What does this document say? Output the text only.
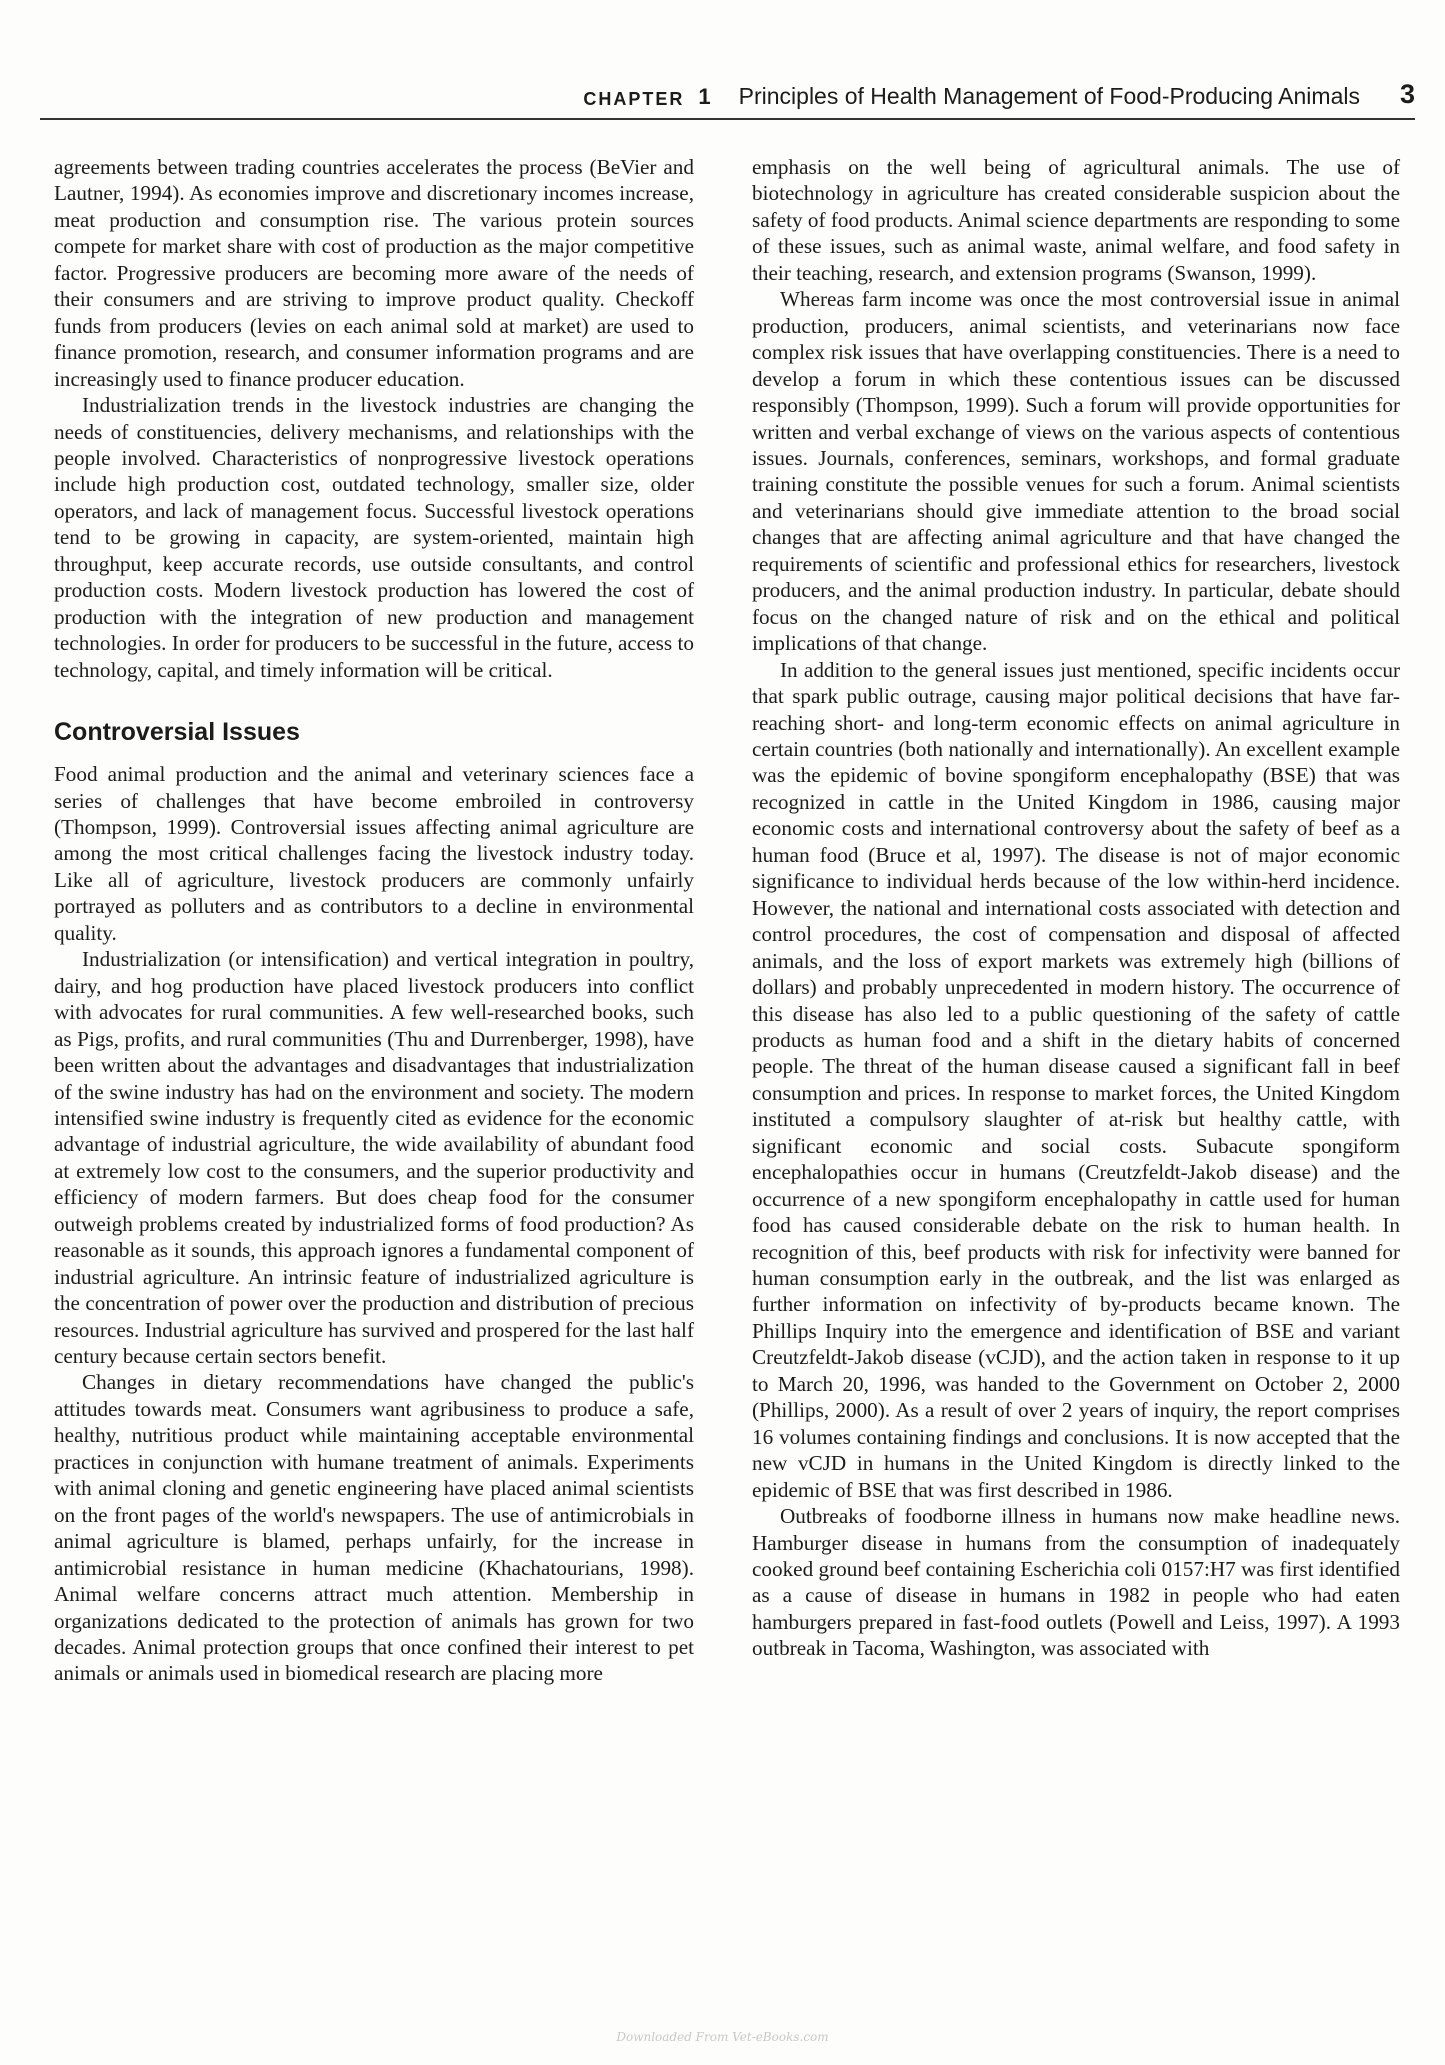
CHAPTER 1 Principles of Health Management of Food-Producing Animals 3

agreements between trading countries accelerates the process (BeVier and Lautner, 1994). As economies improve and discretionary incomes increase, meat production and consumption rise. The various protein sources compete for market share with cost of production as the major competitive factor. Progressive producers are becoming more aware of the needs of their consumers and are striving to improve product quality. Checkoff funds from producers (levies on each animal sold at market) are used to finance promotion, research, and consumer information programs and are increasingly used to finance producer education.

Industrialization trends in the livestock industries are changing the needs of constituencies, delivery mechanisms, and relationships with the people involved. Characteristics of nonprogressive livestock operations include high production cost, outdated technology, smaller size, older operators, and lack of management focus. Successful livestock operations tend to be growing in capacity, are system-oriented, maintain high throughput, keep accurate records, use outside consultants, and control production costs. Modern livestock production has lowered the cost of production with the integration of new production and management technologies. In order for producers to be successful in the future, access to technology, capital, and timely information will be critical.

Controversial Issues

Food animal production and the animal and veterinary sciences face a series of challenges that have become embroiled in controversy (Thompson, 1999). Controversial issues affecting animal agriculture are among the most critical challenges facing the livestock industry today. Like all of agriculture, livestock producers are commonly unfairly portrayed as polluters and as contributors to a decline in environmental quality.

Industrialization (or intensification) and vertical integration in poultry, dairy, and hog production have placed livestock producers into conflict with advocates for rural communities. A few well-researched books, such as Pigs, profits, and rural communities (Thu and Durrenberger, 1998), have been written about the advantages and disadvantages that industrialization of the swine industry has had on the environment and society. The modern intensified swine industry is frequently cited as evidence for the economic advantage of industrial agriculture, the wide availability of abundant food at extremely low cost to the consumers, and the superior productivity and efficiency of modern farmers. But does cheap food for the consumer outweigh problems created by industrialized forms of food production? As reasonable as it sounds, this approach ignores a fundamental component of industrial agriculture. An intrinsic feature of industrialized agriculture is the concentration of power over the production and distribution of precious resources. Industrial agriculture has survived and prospered for the last half century because certain sectors benefit.

Changes in dietary recommendations have changed the public's attitudes towards meat. Consumers want agribusiness to produce a safe, healthy, nutritious product while maintaining acceptable environmental practices in conjunction with humane treatment of animals. Experiments with animal cloning and genetic engineering have placed animal scientists on the front pages of the world's newspapers. The use of antimicrobials in animal agriculture is blamed, perhaps unfairly, for the increase in antimicrobial resistance in human medicine (Khachatourians, 1998). Animal welfare concerns attract much attention. Membership in organizations dedicated to the protection of animals has grown for two decades. Animal protection groups that once confined their interest to pet animals or animals used in biomedical research are placing more

emphasis on the well being of agricultural animals. The use of biotechnology in agriculture has created considerable suspicion about the safety of food products. Animal science departments are responding to some of these issues, such as animal waste, animal welfare, and food safety in their teaching, research, and extension programs (Swanson, 1999).

Whereas farm income was once the most controversial issue in animal production, producers, animal scientists, and veterinarians now face complex risk issues that have overlapping constituencies. There is a need to develop a forum in which these contentious issues can be discussed responsibly (Thompson, 1999). Such a forum will provide opportunities for written and verbal exchange of views on the various aspects of contentious issues. Journals, conferences, seminars, workshops, and formal graduate training constitute the possible venues for such a forum. Animal scientists and veterinarians should give immediate attention to the broad social changes that are affecting animal agriculture and that have changed the requirements of scientific and professional ethics for researchers, livestock producers, and the animal production industry. In particular, debate should focus on the changed nature of risk and on the ethical and political implications of that change.

In addition to the general issues just mentioned, specific incidents occur that spark public outrage, causing major political decisions that have far-reaching short- and long-term economic effects on animal agriculture in certain countries (both nationally and internationally). An excellent example was the epidemic of bovine spongiform encephalopathy (BSE) that was recognized in cattle in the United Kingdom in 1986, causing major economic costs and international controversy about the safety of beef as a human food (Bruce et al, 1997). The disease is not of major economic significance to individual herds because of the low within-herd incidence. However, the national and international costs associated with detection and control procedures, the cost of compensation and disposal of affected animals, and the loss of export markets was extremely high (billions of dollars) and probably unprecedented in modern history. The occurrence of this disease has also led to a public questioning of the safety of cattle products as human food and a shift in the dietary habits of concerned people. The threat of the human disease caused a significant fall in beef consumption and prices. In response to market forces, the United Kingdom instituted a compulsory slaughter of at-risk but healthy cattle, with significant economic and social costs. Subacute spongiform encephalopathies occur in humans (Creutzfeldt-Jakob disease) and the occurrence of a new spongiform encephalopathy in cattle used for human food has caused considerable debate on the risk to human health. In recognition of this, beef products with risk for infectivity were banned for human consumption early in the outbreak, and the list was enlarged as further information on infectivity of by-products became known. The Phillips Inquiry into the emergence and identification of BSE and variant Creutzfeldt-Jakob disease (vCJD), and the action taken in response to it up to March 20, 1996, was handed to the Government on October 2, 2000 (Phillips, 2000). As a result of over 2 years of inquiry, the report comprises 16 volumes containing findings and conclusions. It is now accepted that the new vCJD in humans in the United Kingdom is directly linked to the epidemic of BSE that was first described in 1986.

Outbreaks of foodborne illness in humans now make headline news. Hamburger disease in humans from the consumption of inadequately cooked ground beef containing Escherichia coli 0157:H7 was first identified as a cause of disease in humans in 1982 in people who had eaten hamburgers prepared in fast-food outlets (Powell and Leiss, 1997). A 1993 outbreak in Tacoma, Washington, was associated with

Downloaded From Vet-eBooks.com
